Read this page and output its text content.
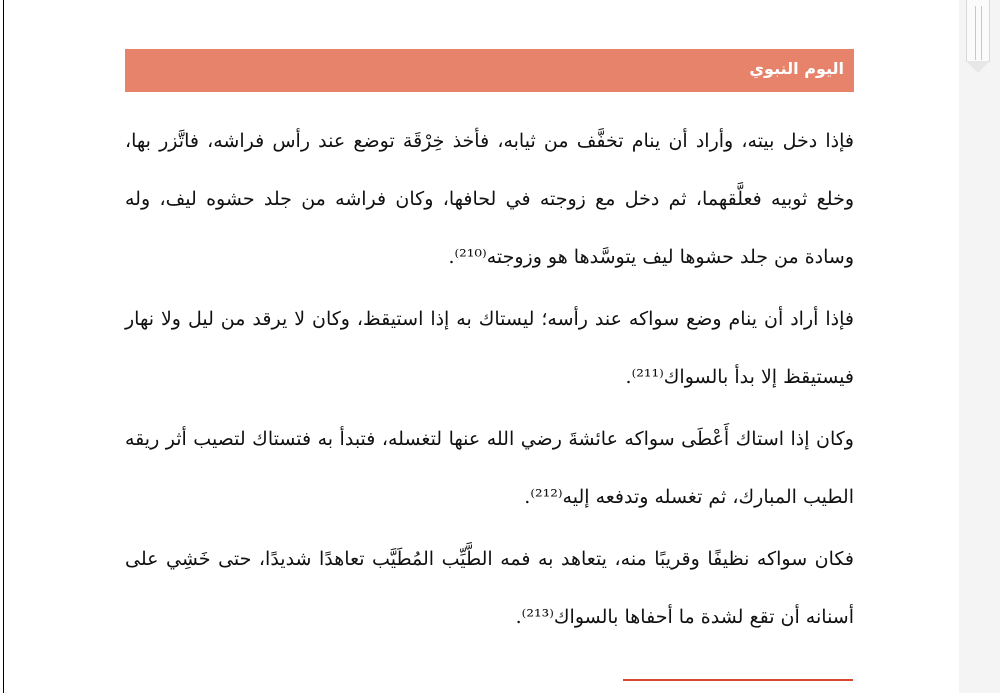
اليوم النبوي

فإذا دخل بيته، وأراد أن ينام تخفَّف من ثيابه، فأخذ خِرْقَة توضع عند رأس فراشه، فاتَّزر بها، وخلع ثوبيه فعلَّقهما، ثم دخل مع زوجته في لحافها، وكان فراشه من جلد حشوه ليف، وله وسادة من جلد حشوها ليف يتوسَّدها هو وزوجته⁽²¹⁰⁾.

فإذا أراد أن ينام وضع سواكه عند رأسه؛ ليستاك به إذا استيقظ، وكان لا يرقد من ليل ولا نهار فيستيقظ إلا بدأ بالسواك⁽²¹¹⁾.

وكان إذا استاك أَعْطَى سواكه عائشةَ رضي الله عنها لتغسله، فتبدأ به فتستاك لتصيب أثر ريقه الطيب المبارك، ثم تغسله وتدفعه إليه⁽²¹²⁾.

فكان سواكه نظيفًا وقريبًا منه، يتعاهد به فمه الطَّيِّب المُطَيَّب تعاهدًا شديدًا، حتى خَشِي على أسنانه أن تقع لشدة ما أحفاها بالسواك⁽²¹³⁾.
